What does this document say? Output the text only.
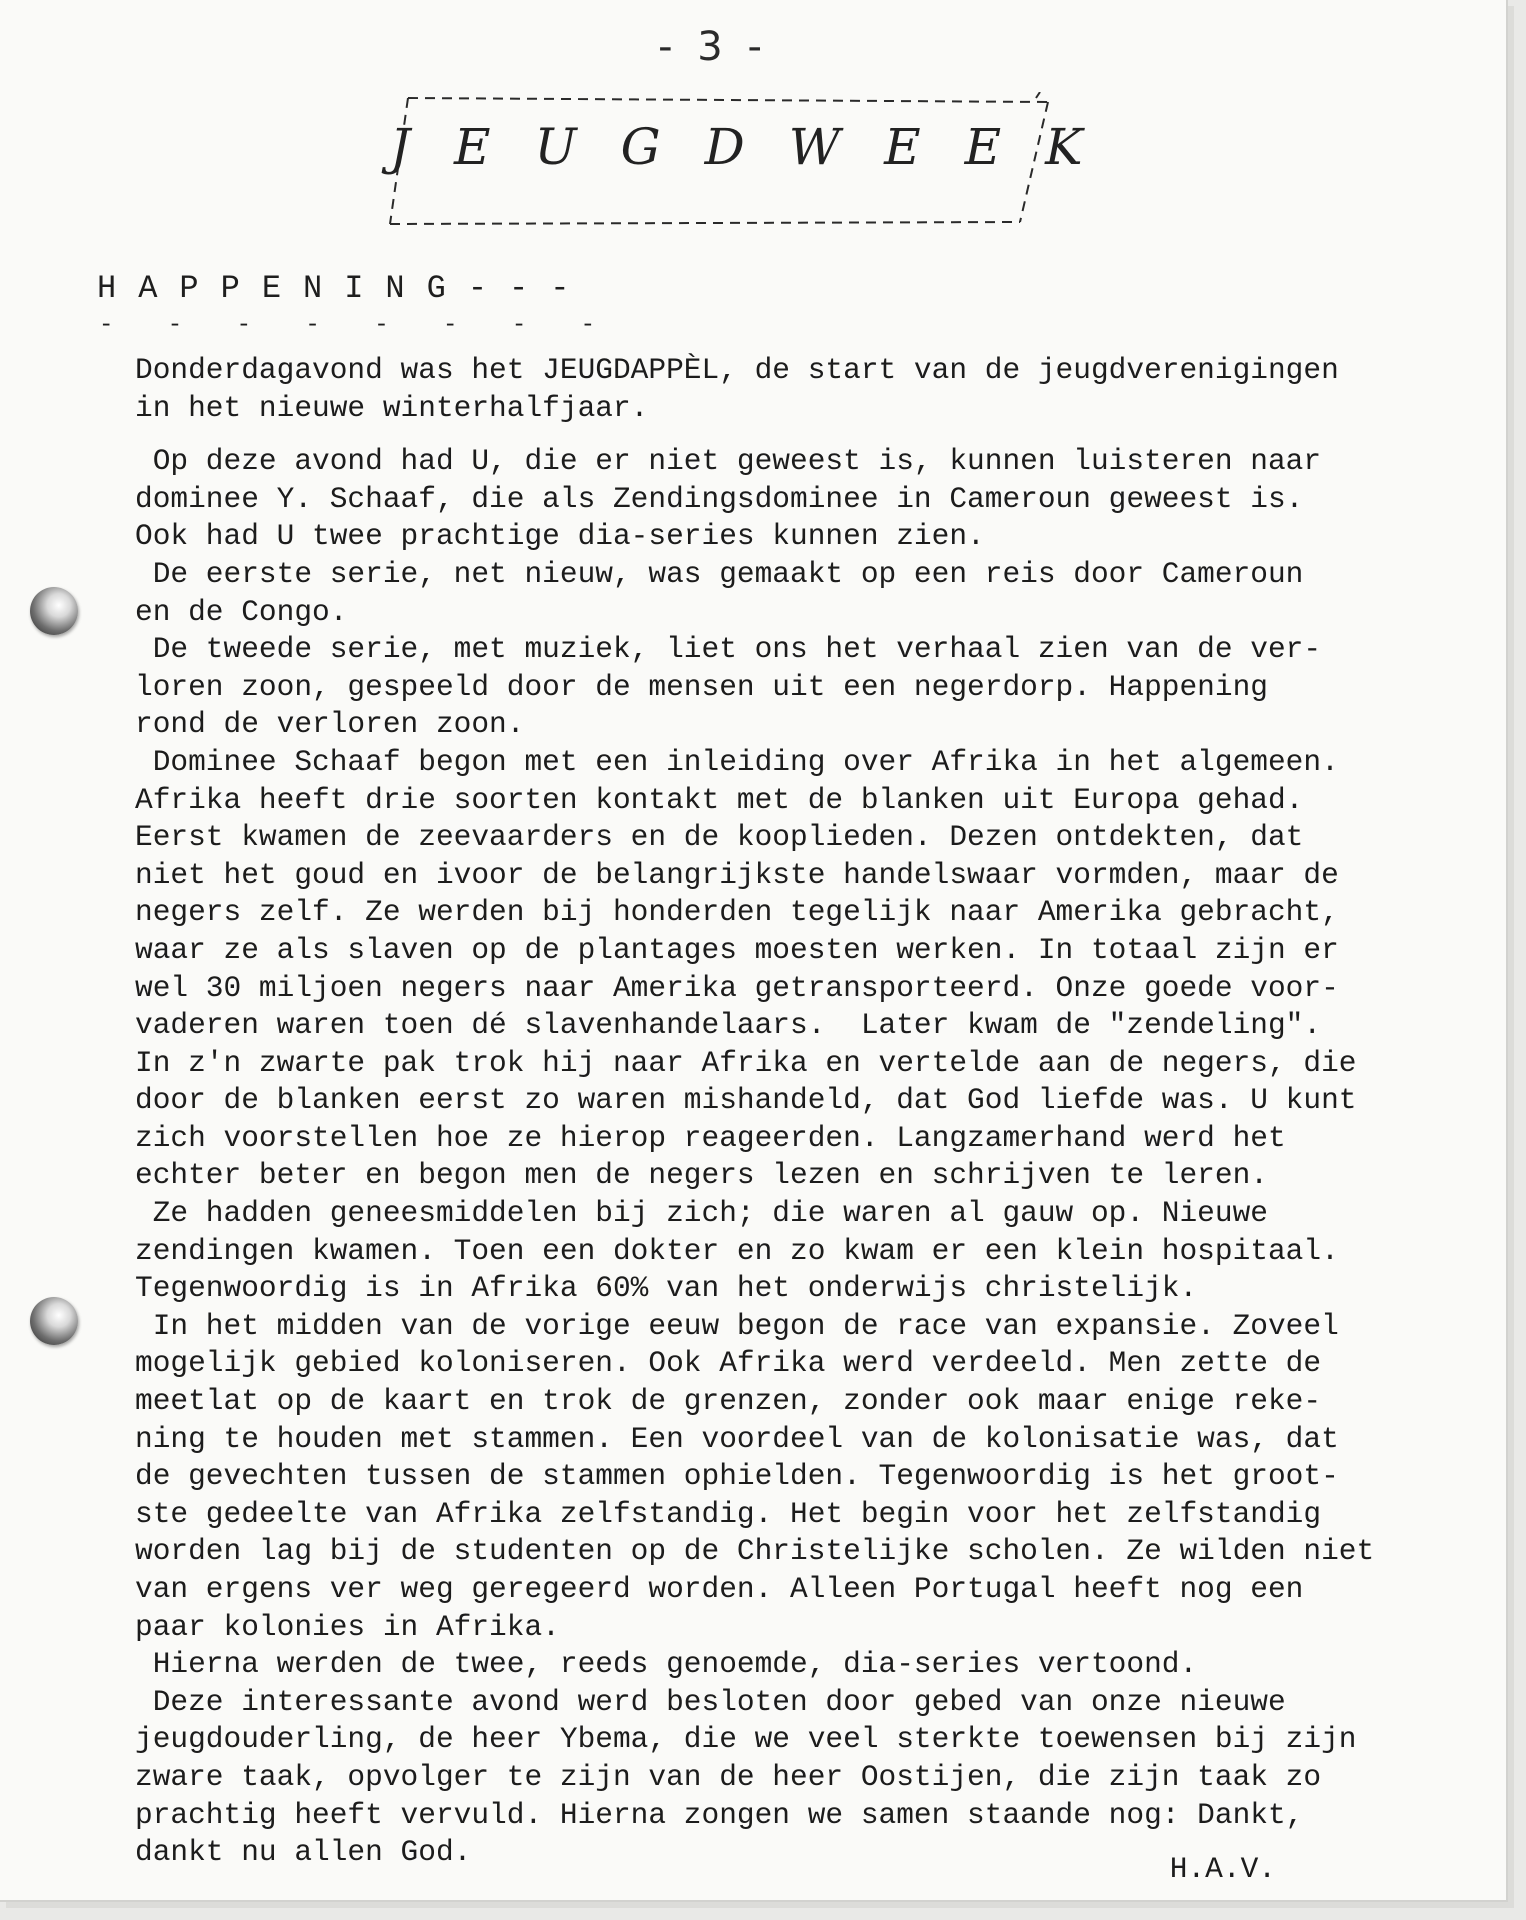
- 3 -
JEUGDWEEK
HAPPENING---
- - - - - - - -
Donderdagavond was het JEUGDAPPÈL, de start van de jeugdverenigingen
in het nieuwe winterhalfjaar.
Op deze avond had U, die er niet geweest is, kunnen luisteren naar
dominee Y. Schaaf, die als Zendingsdominee in Cameroun geweest is.
Ook had U twee prachtige dia-series kunnen zien.
De eerste serie, net nieuw, was gemaakt op een reis door Cameroun
en de Congo.
De tweede serie, met muziek, liet ons het verhaal zien van de ver-
loren zoon, gespeeld door de mensen uit een negerdorp. Happening
rond de verloren zoon.
Dominee Schaaf begon met een inleiding over Afrika in het algemeen.
Afrika heeft drie soorten kontakt met de blanken uit Europa gehad.
Eerst kwamen de zeevaarders en de kooplieden. Dezen ontdekten, dat
niet het goud en ivoor de belangrijkste handelswaar vormden, maar de
negers zelf. Ze werden bij honderden tegelijk naar Amerika gebracht,
waar ze als slaven op de plantages moesten werken. In totaal zijn er
wel 30 miljoen negers naar Amerika getransporteerd. Onze goede voor-
vaderen waren toen dé slavenhandelaars.  Later kwam de "zendeling".
In z'n zwarte pak trok hij naar Afrika en vertelde aan de negers, die
door de blanken eerst zo waren mishandeld, dat God liefde was. U kunt
zich voorstellen hoe ze hierop reageerden. Langzamerhand werd het
echter beter en begon men de negers lezen en schrijven te leren.
Ze hadden geneesmiddelen bij zich; die waren al gauw op. Nieuwe
zendingen kwamen. Toen een dokter en zo kwam er een klein hospitaal.
Tegenwoordig is in Afrika 60% van het onderwijs christelijk.
In het midden van de vorige eeuw begon de race van expansie. Zoveel
mogelijk gebied koloniseren. Ook Afrika werd verdeeld. Men zette de
meetlat op de kaart en trok de grenzen, zonder ook maar enige reke-
ning te houden met stammen. Een voordeel van de kolonisatie was, dat
de gevechten tussen de stammen ophielden. Tegenwoordig is het groot-
ste gedeelte van Afrika zelfstandig. Het begin voor het zelfstandig
worden lag bij de studenten op de Christelijke scholen. Ze wilden niet
van ergens ver weg geregeerd worden. Alleen Portugal heeft nog een
paar kolonies in Afrika.
Hierna werden de twee, reeds genoemde, dia-series vertoond.
Deze interessante avond werd besloten door gebed van onze nieuwe
jeugdouderling, de heer Ybema, die we veel sterkte toewensen bij zijn
zware taak, opvolger te zijn van de heer Oostijen, die zijn taak zo
prachtig heeft vervuld. Hierna zongen we samen staande nog: Dankt,
dankt nu allen God.	H.A.V.
